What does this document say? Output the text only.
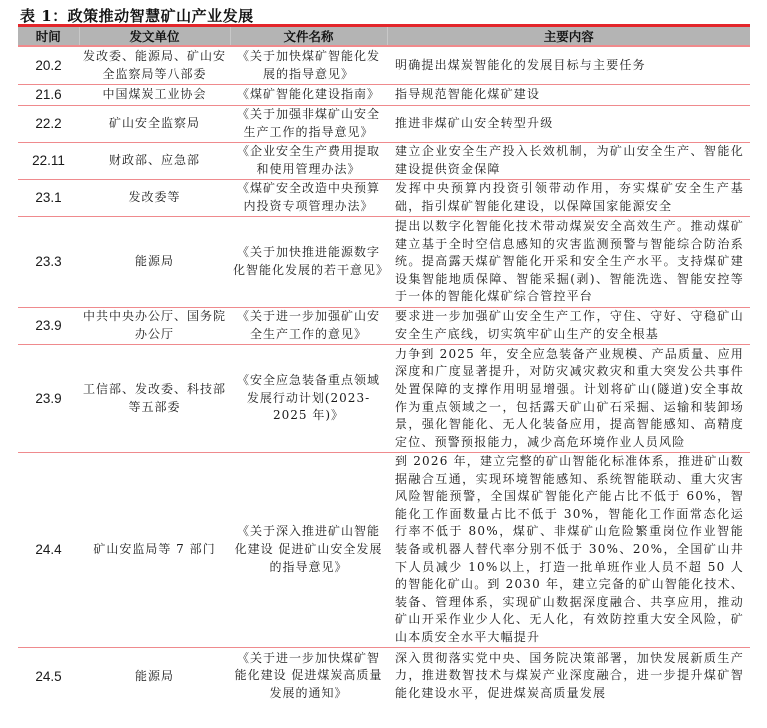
表 1：政策推动智慧矿山产业发展
时间	发文单位	文件名称	主要内容
20.2	发改委、能源局、矿山安全监察局等八部委	《关于加快煤矿智能化发展的指导意见》	明确提出煤炭智能化的发展目标与主要任务
21.6	中国煤炭工业协会	《煤矿智能化建设指南》	指导规范智能化煤矿建设
22.2	矿山安全监察局	《关于加强非煤矿山安全生产工作的指导意见》	推进非煤矿山安全转型升级
22.11	财政部、应急部	《企业安全生产费用提取和使用管理办法》	建立企业安全生产投入长效机制，为矿山安全生产、智能化建设提供资金保障
23.1	发改委等	《煤矿安全改造中央预算内投资专项管理办法》	发挥中央预算内投资引领带动作用，夯实煤矿安全生产基础，指引煤矿智能化建设，以保障国家能源安全
23.3	能源局	《关于加快推进能源数字化智能化发展的若干意见》	提出以数字化智能化技术带动煤炭安全高效生产。推动煤矿建立基于全时空信息感知的灾害监测预警与智能综合防治系统。提高露天煤矿智能化开采和安全生产水平。支持煤矿建设集智能地质保障、智能采掘(剥)、智能洗选、智能安控等于一体的智能化煤矿综合管控平台
23.9	中共中央办公厅、国务院办公厅	《关于进一步加强矿山安全生产工作的意见》	要求进一步加强矿山安全生产工作，守住、守好、守稳矿山安全生产底线，切实筑牢矿山生产的安全根基
23.9	工信部、发改委、科技部等五部委	《安全应急装备重点领域发展行动计划(2023-2025 年)》	力争到 2025 年，安全应急装备产业规模、产品质量、应用深度和广度显著提升，对防灾减灾救灾和重大突发公共事件处置保障的支撑作用明显增强。计划将矿山(隧道)安全事故作为重点领域之一，包括露天矿山矿石采掘、运输和装卸场景，强化智能化、无人化装备应用，提高智能感知、高精度定位、预警预报能力，减少高危环境作业人员风险
24.4	矿山安监局等 7 部门	《关于深入推进矿山智能化建设 促进矿山安全发展的指导意见》	到 2026 年，建立完整的矿山智能化标准体系，推进矿山数据融合互通，实现环境智能感知、系统智能联动、重大灾害风险智能预警，全国煤矿智能化产能占比不低于 60%，智能化工作面数量占比不低于 30%，智能化工作面常态化运行率不低于 80%，煤矿、非煤矿山危险繁重岗位作业智能装备或机器人替代率分别不低于 30%、20%，全国矿山井下人员减少 10%以上，打造一批单班作业人员不超 50 人的智能化矿山。到 2030 年，建立完备的矿山智能化技术、装备、管理体系，实现矿山数据深度融合、共享应用，推动矿山开采作业少人化、无人化，有效防控重大安全风险，矿山本质安全水平大幅提升
24.5	能源局	《关于进一步加快煤矿智能化建设 促进煤炭高质量发展的通知》	深入贯彻落实党中央、国务院决策部署，加快发展新质生产力，推进数智技术与煤炭产业深度融合，进一步提升煤矿智能化建设水平，促进煤炭高质量发展
